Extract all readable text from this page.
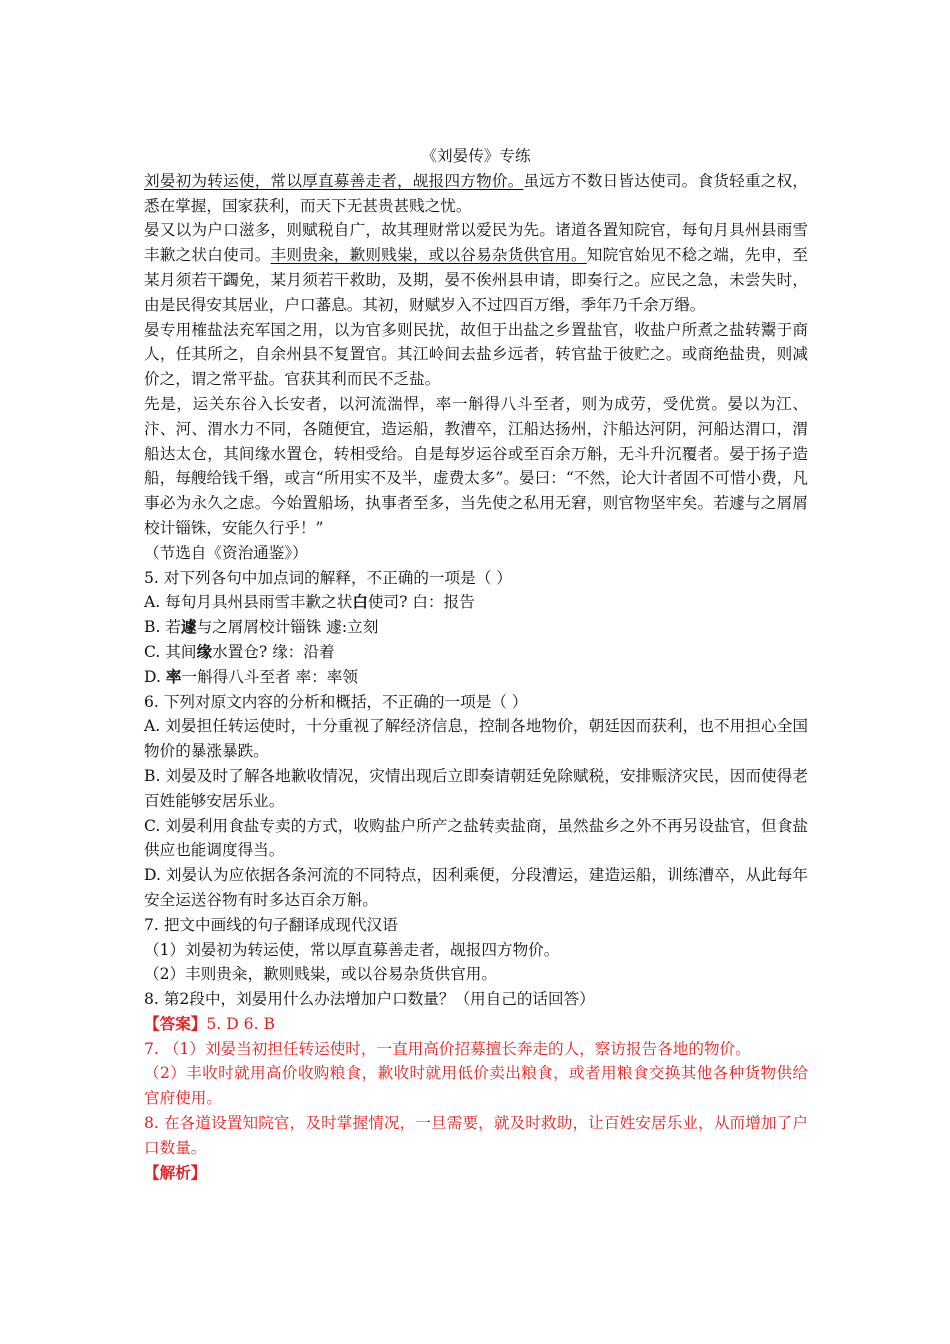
《刘晏传》专练

刘晏初为转运使，常以厚直募善走者，觇报四方物价。虽远方不数日皆达使司。食货轻重之权，悉在掌握，国家获利，而天下无甚贵甚贱之忧。

晏又以为户口滋多，则赋税自广，故其理财常以爱民为先。诸道各置知院官，每旬月具州县雨雪丰歉之状白使司。丰则贵籴，歉则贱粜，或以谷易杂货供官用。知院官始见不稔之端，先申，至某月须若干蠲免，某月须若干救助，及期，晏不俟州县申请，即奏行之。应民之急，未尝失时，由是民得安其居业，户口蕃息。其初，财赋岁入不过四百万缗，季年乃千余万缗。

晏专用榷盐法充军国之用，以为官多则民扰，故但于出盐之乡置盐官，收盐户所煮之盐转鬻于商人，任其所之，自余州县不复置官。其江岭间去盐乡远者，转官盐于彼贮之。或商绝盐贵，则减价之，谓之常平盐。官获其利而民不乏盐。

先是，运关东谷入长安者，以河流湍悍，率一斛得八斗至者，则为成劳，受优赏。晏以为江、汴、河、渭水力不同，各随便宜，造运船，教漕卒，江船达扬州，汴船达河阴，河船达渭口，渭船达太仓，其间缘水置仓，转相受给。自是每岁运谷或至百余万斛，无斗升沉覆者。晏于扬子造船，每艘给钱千缗，或言“所用实不及半，虚费太多”。晏曰：“不然，论大计者固不可惜小费，凡事必为永久之虑。今始置船场，执事者至多，当先使之私用无窘，则官物坚牢矣。若遽与之屑屑校计锱铢，安能久行乎！”

（节选自《资治通鉴》）

5. 对下列各句中加点词的解释，不正确的一项是（ ）

A. 每旬月具州县雨雪丰歉之状白使司? 白：报告

B. 若遽与之屑屑校计锱铢 遽:立刻

C. 其间缘水置仓? 缘：沿着

D. 率一斛得八斗至者 率：率领

6. 下列对原文内容的分析和概括，不正确的一项是（ ）

A. 刘晏担任转运使时，十分重视了解经济信息，控制各地物价，朝廷因而获利，也不用担心全国物价的暴涨暴跌。

B. 刘晏及时了解各地歉收情况，灾情出现后立即奏请朝廷免除赋税，安排赈济灾民，因而使得老百姓能够安居乐业。

C. 刘晏利用食盐专卖的方式，收购盐户所产之盐转卖盐商，虽然盐乡之外不再另设盐官，但食盐供应也能调度得当。

D. 刘晏认为应依据各条河流的不同特点，因利乘便，分段漕运，建造运船，训练漕卒，从此每年安全运送谷物有时多达百余万斛。

7. 把文中画线的句子翻译成现代汉语

（1）刘晏初为转运使，常以厚直募善走者，觇报四方物价。

（2）丰则贵籴，歉则贱粜，或以谷易杂货供官用。

8. 第2段中，刘晏用什么办法增加户口数量？（用自己的话回答）

【答案】5. D 6. B

7. （1）刘晏当初担任转运使时，一直用高价招募擅长奔走的人，察访报告各地的物价。

（2）丰收时就用高价收购粮食，歉收时就用低价卖出粮食，或者用粮食交换其他各种货物供给官府使用。

8. 在各道设置知院官，及时掌握情况，一旦需要，就及时救助，让百姓安居乐业，从而增加了户口数量。

【解析】
